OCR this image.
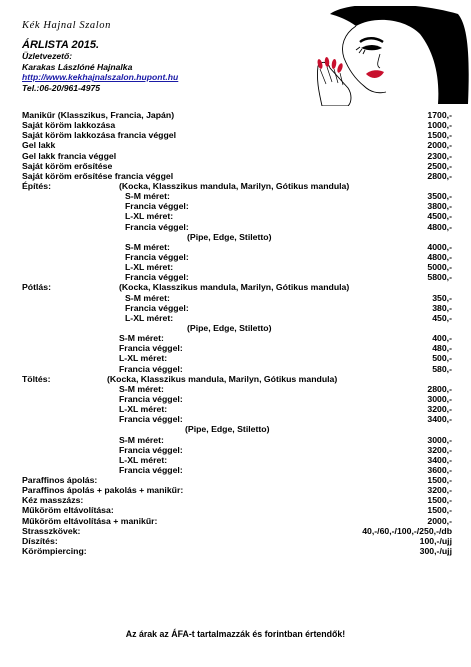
Kék Hajnal Szalon
ÁRLISTA 2015.
Üzletvezető:
Karakas Lászlóné Hajnalka
http://www.kekhajnalszalon.hupont.hu
Tel.:06-20/961-4975
Manikűr (Klasszikus, Francia, Japán)	1700,-
Saját köröm lakkozása	1000,-
Saját köröm lakkozása francia véggel	1500,-
Gel lakk	2000,-
Gel lakk francia véggel	2300,-
Saját köröm erősítése	2500,-
Saját köröm erősítése francia véggel	2800,-
Építés:	(Kocka, Klasszikus mandula, Marilyn, Gótikus mandula)
S-M méret:	3500,-
Francia véggel:	3800,-
L-XL méret:	4500,-
Francia véggel:	4800,-
(Pipe, Edge, Stiletto)
S-M méret:	4000,-
Francia véggel:	4800,-
L-XL méret:	5000,-
Francia véggel:	5800,-
Pótlás:	(Kocka, Klasszikus mandula, Marilyn, Gótikus mandula)
S-M méret:	350,-
Francia véggel:	380,-
L-XL méret:	450,-
(Pipe, Edge, Stiletto)
S-M méret:	400,-
Francia véggel:	480,-
L-XL méret:	500,-
Francia véggel:	580,-
Töltés:	(Kocka, Klasszikus mandula, Marilyn, Gótikus mandula)
S-M méret:	2800,-
Francia véggel:	3000,-
L-XL méret:	3200,-
Francia véggel:	3400,-
(Pipe, Edge, Stiletto)
S-M méret:	3000,-
Francia véggel:	3200,-
L-XL méret:	3400,-
Francia véggel:	3600,-
Paraffinos ápolás:	1500,-
Paraffinos ápolás + pakolás + manikűr:	3200,-
Kéz masszázs:	1500,-
Műköröm eltávolítása:	1500,-
Műköröm eltávolítása + manikűr:	2000,-
Strasszkövek:	40,-/60,-/100,-/250,-/db
Díszítés:	100,-/ujj
Körömpiercing:	300,-/ujj
Az árak az ÁFA-t tartalmazzák és forintban értendők!
